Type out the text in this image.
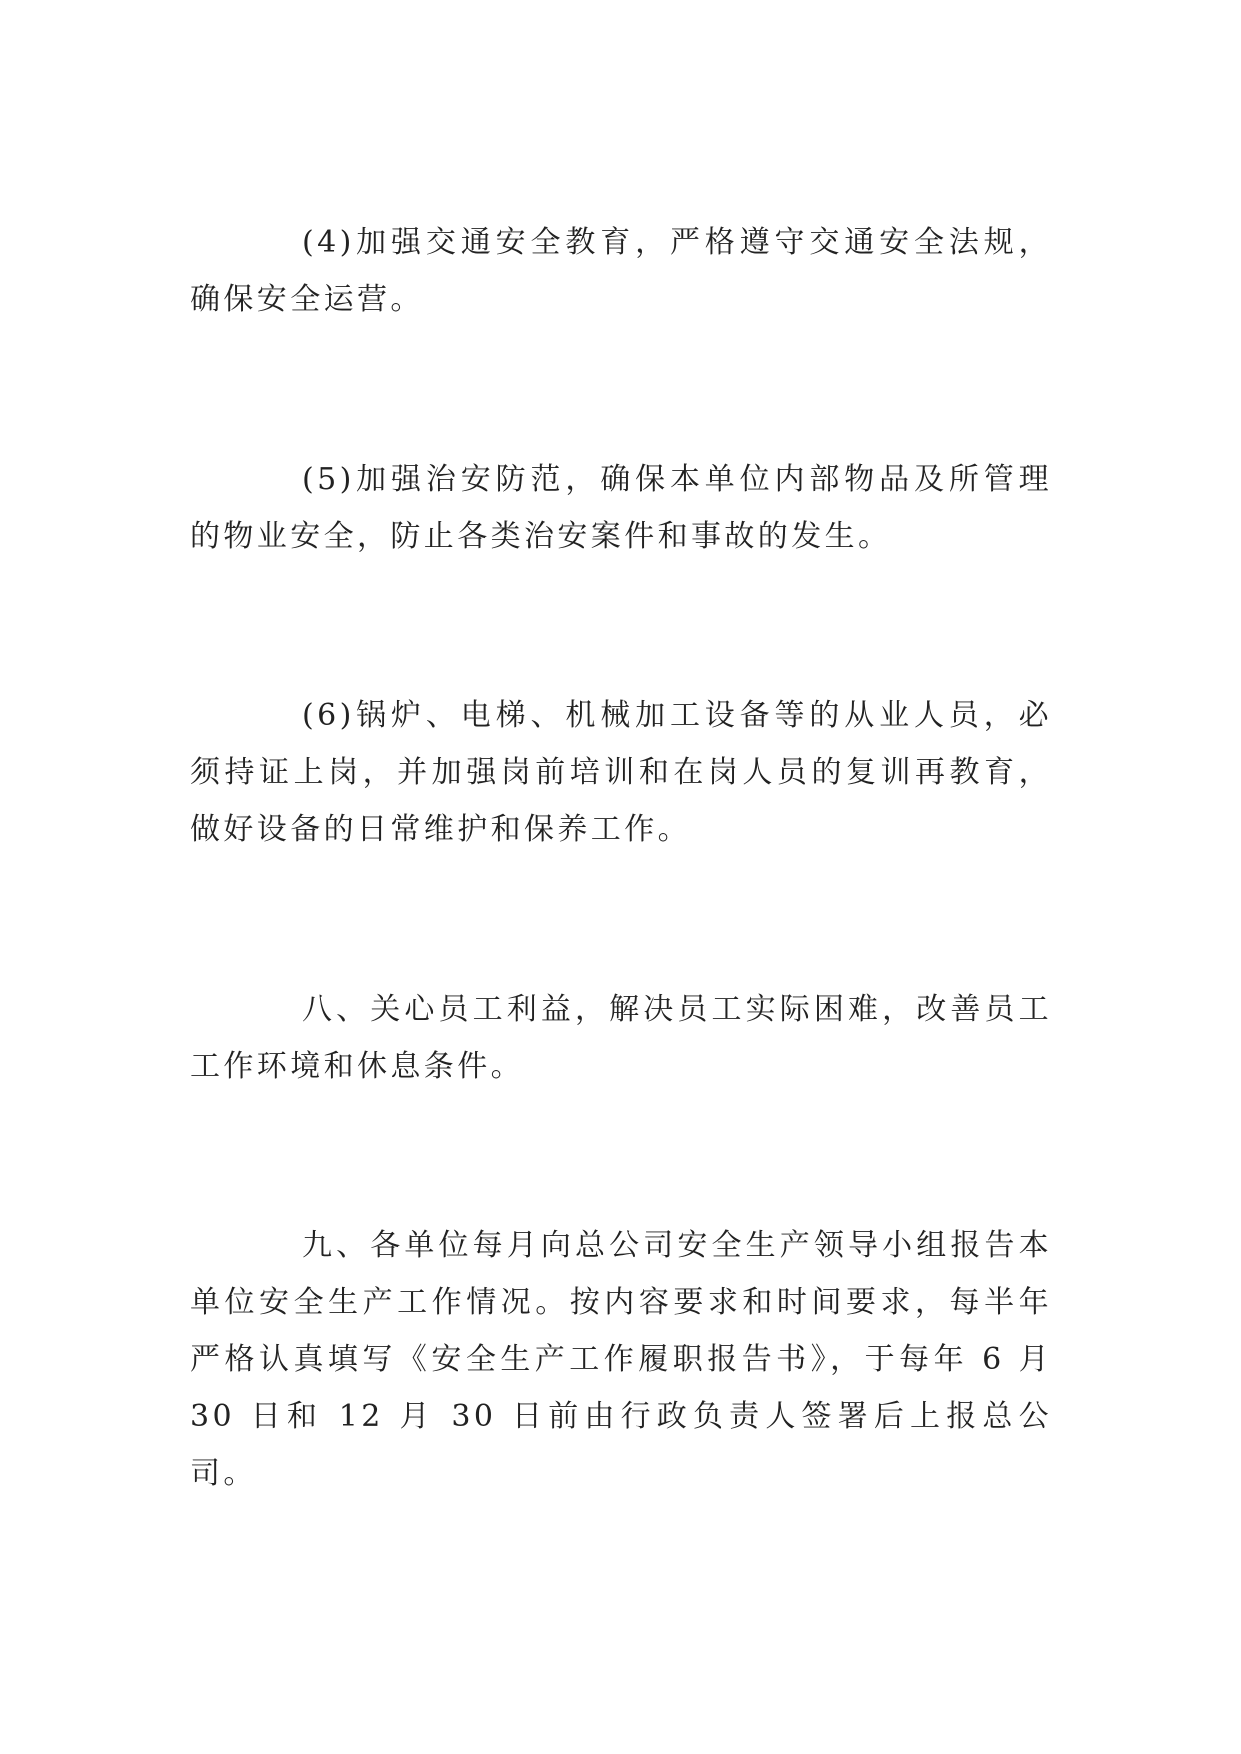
(4)加强交通安全教育，严格遵守交通安全法规，确保安全运营。

(5)加强治安防范，确保本单位内部物品及所管理的物业安全，防止各类治安案件和事故的发生。

(6)锅炉、电梯、机械加工设备等的从业人员，必须持证上岗，并加强岗前培训和在岗人员的复训再教育，做好设备的日常维护和保养工作。

八、关心员工利益，解决员工实际困难，改善员工工作环境和休息条件。

九、各单位每月向总公司安全生产领导小组报告本单位安全生产工作情况。按内容要求和时间要求，每半年严格认真填写《安全生产工作履职报告书》，于每年 6 月 30 日和 12 月 30 日前由行政负责人签署后上报总公司。
